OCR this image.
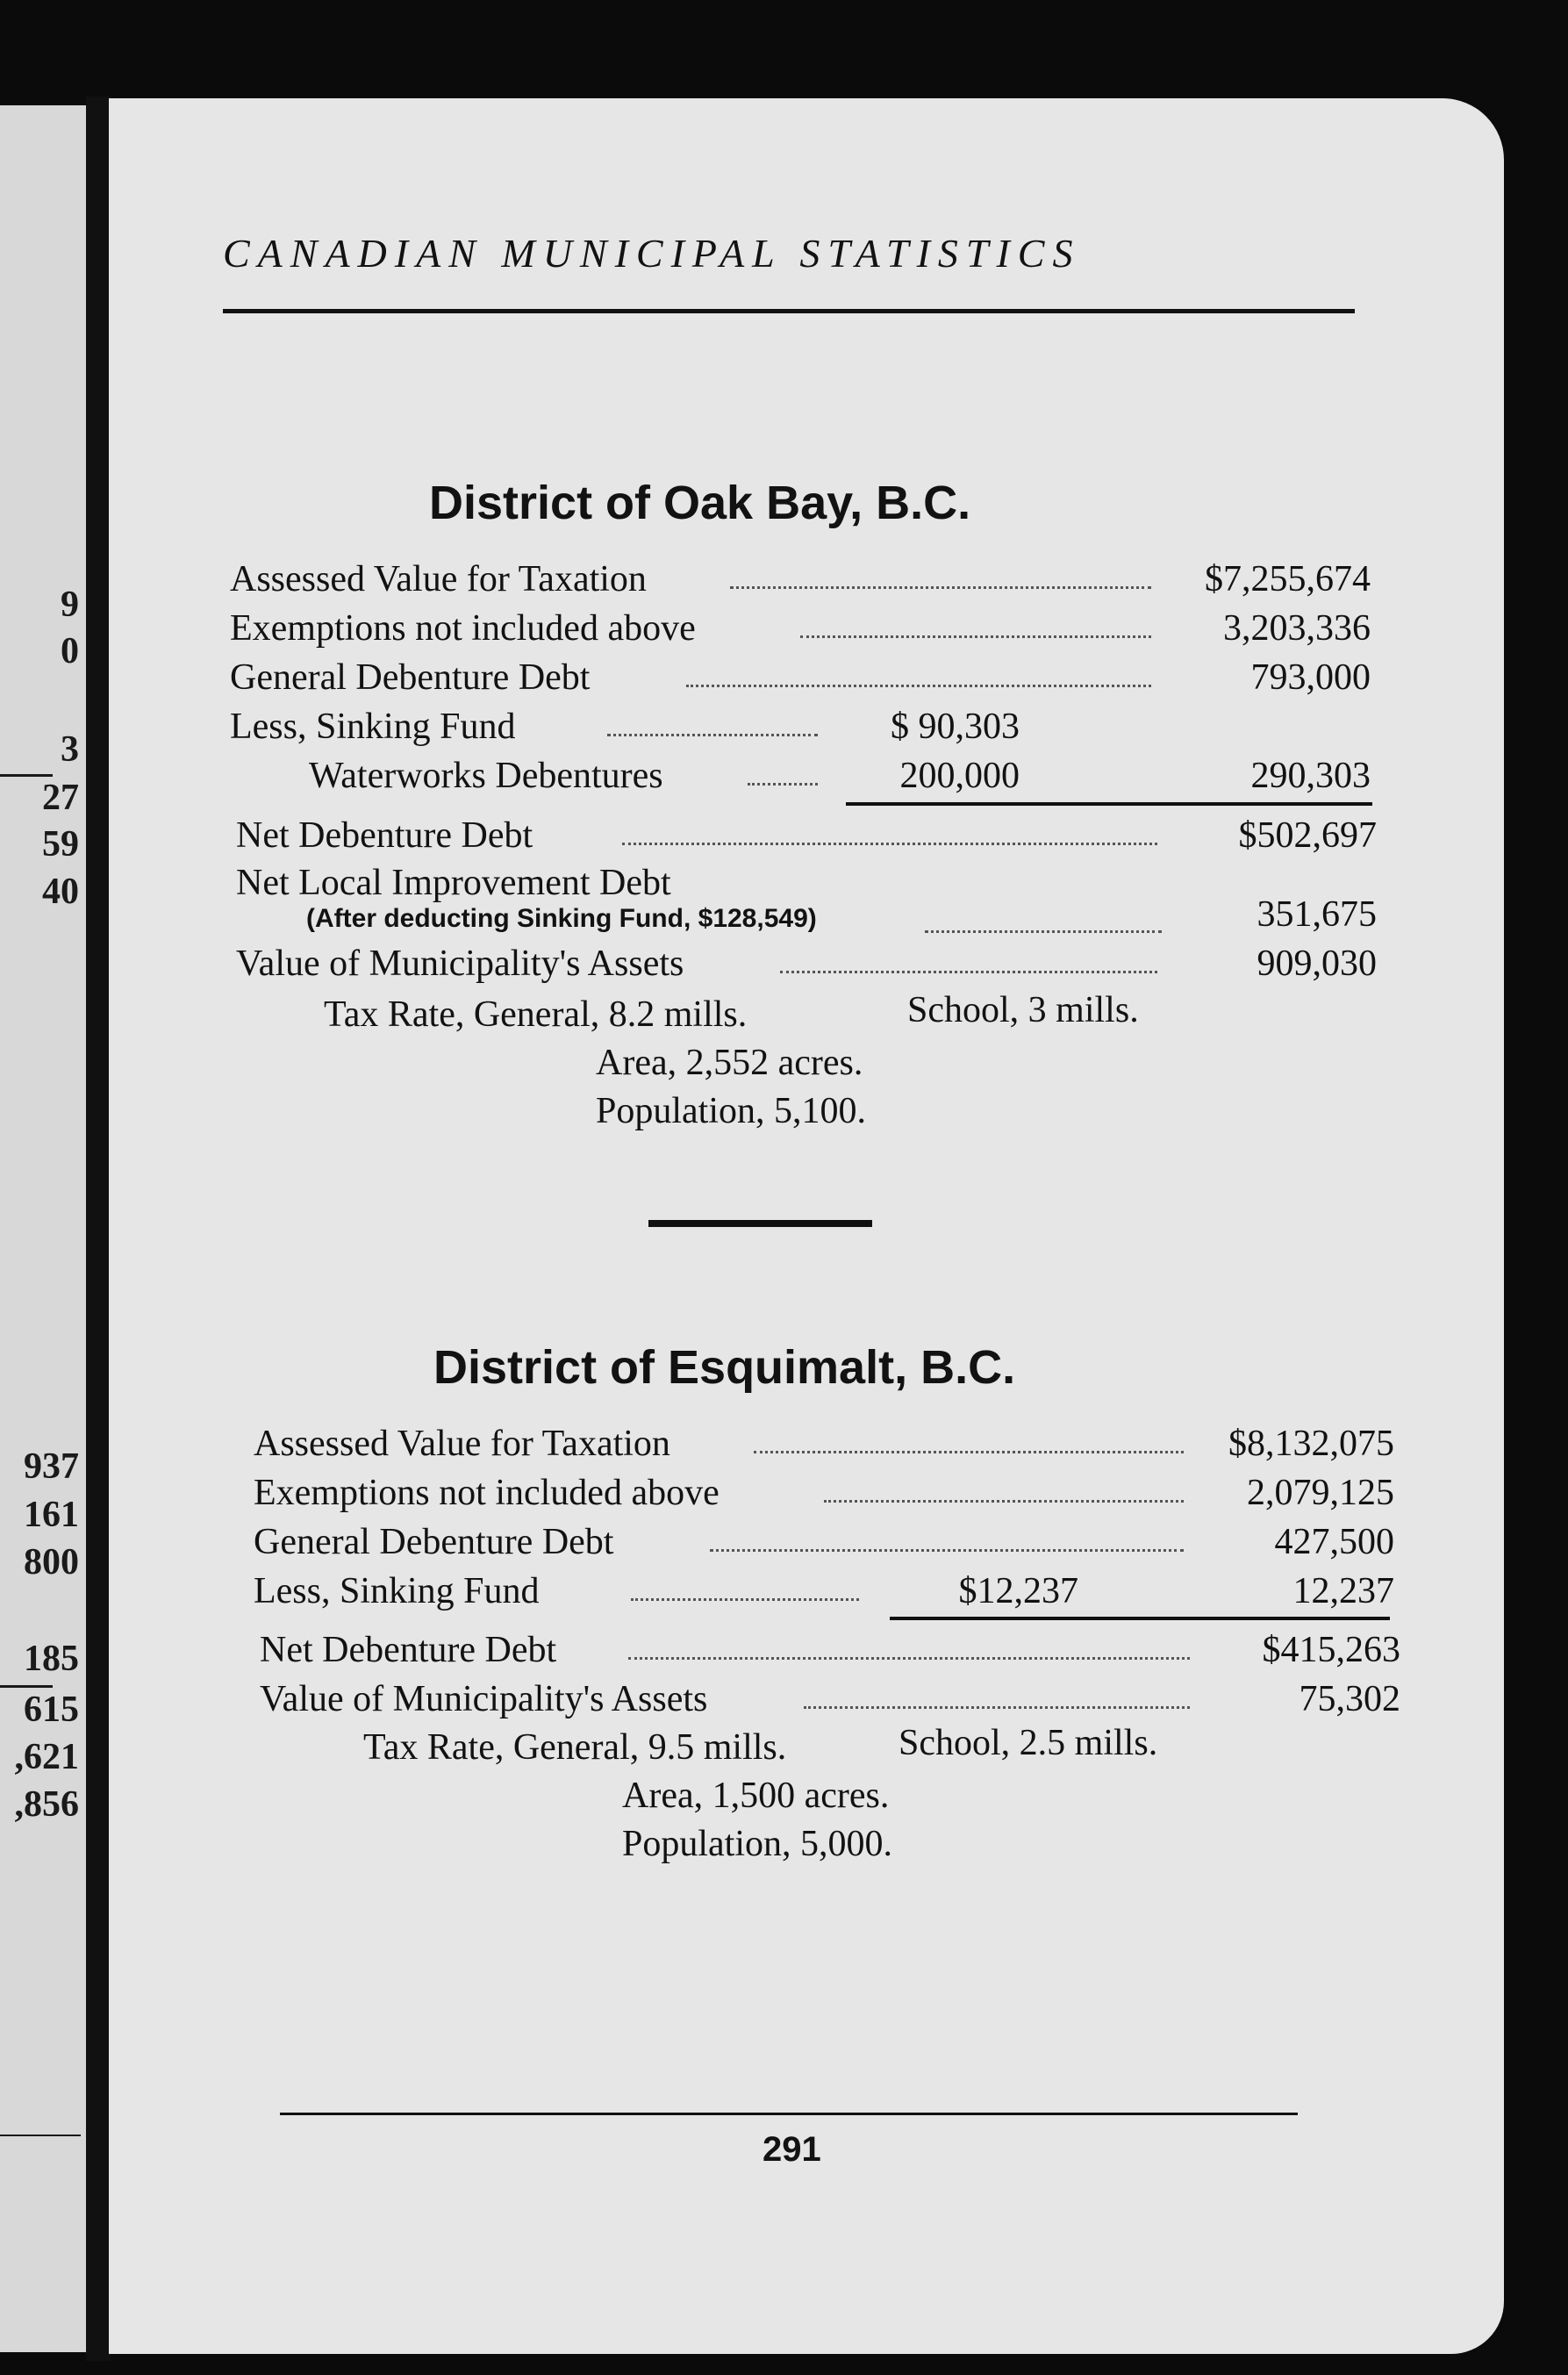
9
0
3
27
59
40
937
161
800
185
615
,621
,856
CANADIAN MUNICIPAL STATISTICS
District of Oak Bay, B.C.
Assessed Value for Taxation	$7,255,674
Exemptions not included above	3,203,336
General Debenture Debt	793,000
Less, Sinking Fund	$ 90,303
Waterworks Debentures	200,000	290,303
Net Debenture Debt	$502,697
Net Local Improvement Debt
(After deducting Sinking Fund, $128,549)	351,675
Value of Municipality's Assets	909,030
Tax Rate, General, 8.2 mills.	School, 3 mills.
Area, 2,552 acres.
Population, 5,100.
District of Esquimalt, B.C.
Assessed Value for Taxation	$8,132,075
Exemptions not included above	2,079,125
General Debenture Debt	427,500
Less, Sinking Fund	$12,237	12,237
Net Debenture Debt	$415,263
Value of Municipality's Assets	75,302
Tax Rate, General, 9.5 mills.	School, 2.5 mills.
Area, 1,500 acres.
Population, 5,000.
291
